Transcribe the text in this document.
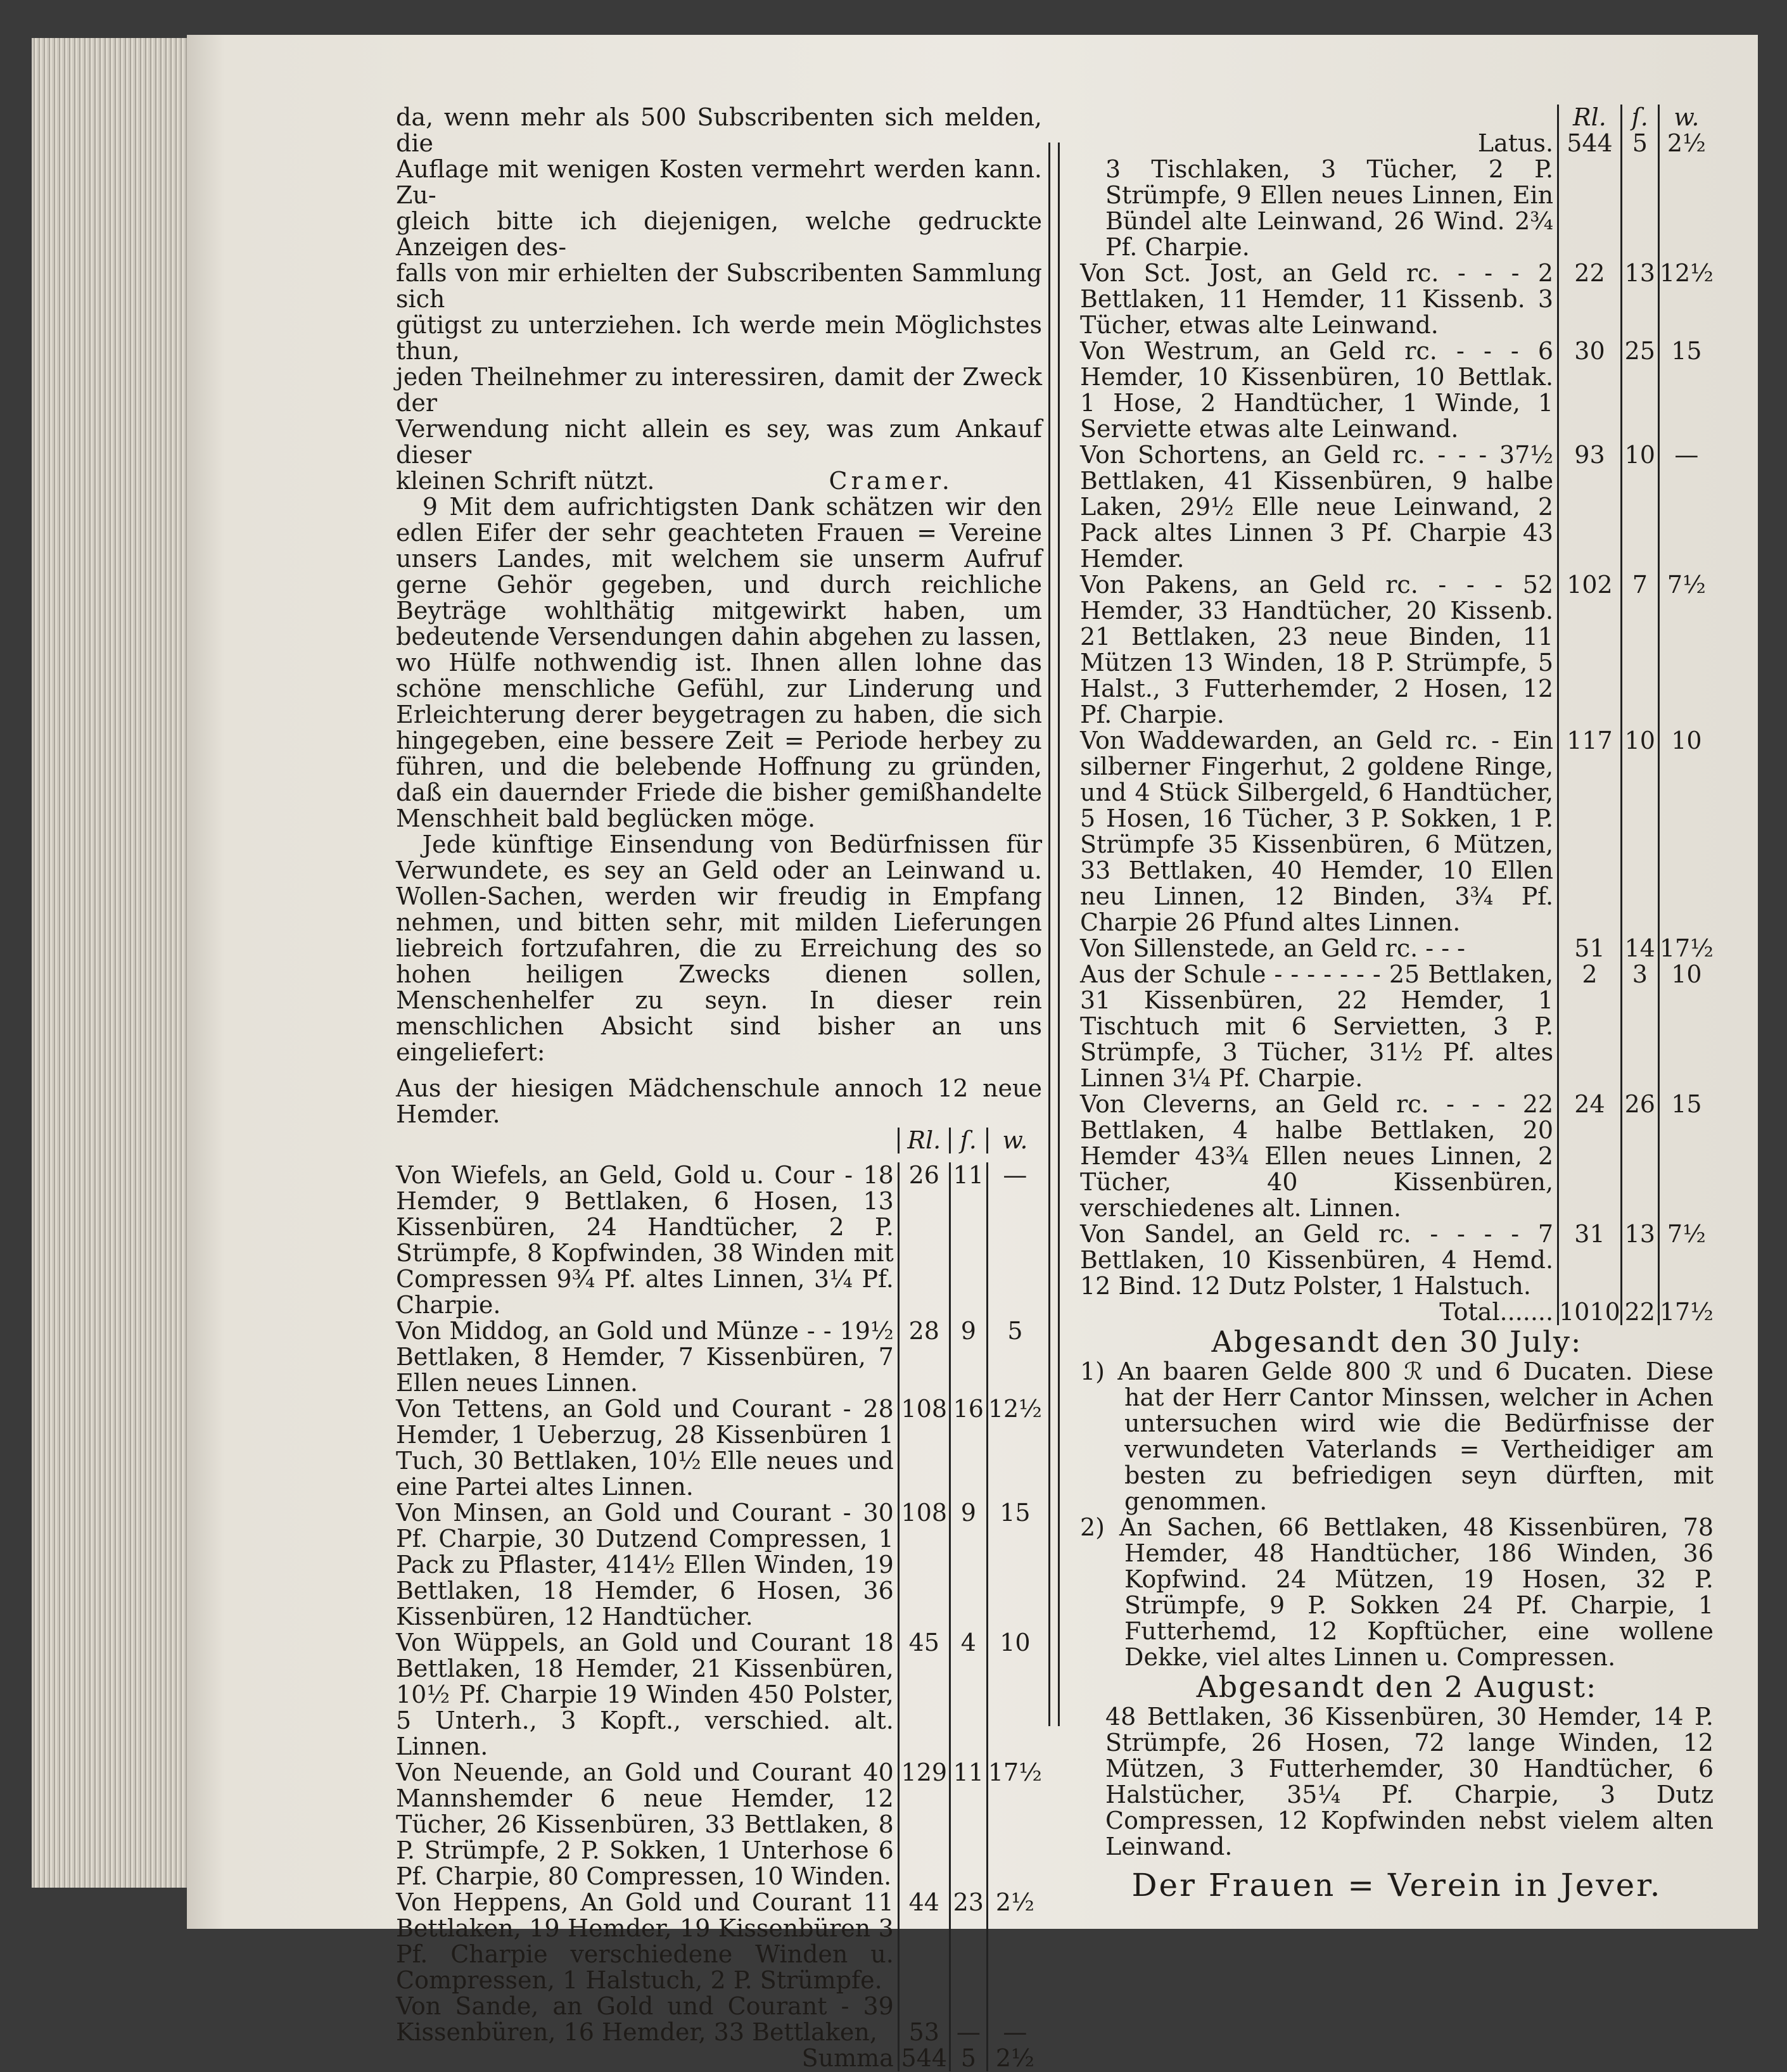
da, wenn mehr als 500 Subscribenten sich melden, die
Auflage mit wenigen Kosten vermehrt werden kann. Zu-
gleich bitte ich diejenigen, welche gedruckte Anzeigen des-
falls von mir erhielten der Subscribenten Sammlung sich
gütigst zu unterziehen. Ich werde mein Möglichstes thun,
jeden Theilnehmer zu interessiren, damit der Zweck der
Verwendung nicht allein es sey, was zum Ankauf dieser
kleinen Schrift nützt.	Cramer.

9 Mit dem aufrichtigsten Dank schätzen wir den edlen Eifer der sehr geachteten Frauen = Vereine unsers Landes, mit welchem sie unserm Aufruf gerne Gehör gegeben, und durch reichliche Beyträge wohlthätig mitgewirkt haben, um bedeutende Versendungen dahin abgehen zu lassen, wo Hülfe nothwendig ist. Ihnen allen lohne das schöne menschliche Gefühl, zur Linderung und Erleichterung derer beygetragen zu haben, die sich hingegeben, eine bessere Zeit = Periode herbey zu führen, und die belebende Hoffnung zu gründen, daß ein dauernder Friede die bisher gemißhandelte Menschheit bald beglücken möge.

Jede künftige Einsendung von Bedürfnissen für Verwundete, es sey an Geld oder an Leinwand u. Wollen-Sachen, werden wir freudig in Empfang nehmen, und bitten sehr, mit milden Lieferungen liebreich fortzufahren, die zu Erreichung des so hohen heiligen Zwecks dienen sollen, Menschenhelfer zu seyn. In dieser rein menschlichen Absicht sind bisher an uns eingeliefert:

Aus der hiesigen Mädchenschule annoch 12 neue Hemder.

	Rl.	ſ.	w.

Von Wiefels, an Geld, Gold u. Cour - 18 Hemder, 9 Bettlaken, 6 Hosen, 13 Kissenbüren, 24 Handtücher, 2 P. Strümpfe, 8 Kopfwinden, 38 Winden mit Compressen 9¾ Pf. altes Linnen, 3¼ Pf. Charpie.	26	11	—
Von Middog, an Gold und Münze - - 19½ Bettlaken, 8 Hemder, 7 Kissenbüren, 7 Ellen neues Linnen.	28	9	5
Von Tettens, an Gold und Courant - 28 Hemder, 1 Ueberzug, 28 Kissenbüren 1 Tuch, 30 Bettlaken, 10½ Elle neues und eine Partei altes Linnen.	108	16	12½
Von Minsen, an Gold und Courant - 30 Pf. Charpie, 30 Dutzend Compressen, 1 Pack zu Pflaster, 414½ Ellen Winden, 19 Bettlaken, 18 Hemder, 6 Hosen, 36 Kissenbüren, 12 Handtücher.	108	9	15
Von Wüppels, an Gold und Courant 18 Bettlaken, 18 Hemder, 21 Kissenbüren, 10½ Pf. Charpie 19 Winden 450 Polster, 5 Unterh., 3 Kopft., verschied. alt. Linnen.	45	4	10
Von Neuende, an Gold und Courant 40 Mannshemder 6 neue Hemder, 12 Tücher, 26 Kissenbüren, 33 Bettlaken, 8 P. Strümpfe, 2 P. Sokken, 1 Unterhose 6 Pf. Charpie, 80 Compressen, 10 Winden.	129	11	17½
Von Heppens, An Gold und Courant 11 Bettlaken, 19 Hemder, 19 Kissenbüren 3 Pf. Charpie verschiedene Winden u. Compressen, 1 Halstuch, 2 P. Strümpfe.	44	23	2½
Von Sande, an Gold und Courant - 39 Kissenbüren, 16 Hemder, 33 Bettlaken,	53	—	—
Summa	544	5	2½
	Rl.	ſ.	w.
Latus.	544	5	2½
3 Tischlaken, 3 Tücher, 2 P. Strümpfe, 9 Ellen neues Linnen, Ein Bündel alte Leinwand, 26 Wind. 2¾ Pf. Charpie.			
Von Sct. Jost, an Geld rc. - - - 2 Bettlaken, 11 Hemder, 11 Kissenb. 3 Tücher, etwas alte Leinwand.	22	13	12½
Von Westrum, an Geld rc. - - - 6 Hemder, 10 Kissenbüren, 10 Bettlak. 1 Hose, 2 Handtücher, 1 Winde, 1 Serviette etwas alte Leinwand.	30	25	15
Von Schortens, an Geld rc. - - - 37½ Bettlaken, 41 Kissenbüren, 9 halbe Laken, 29½ Elle neue Leinwand, 2 Pack altes Linnen 3 Pf. Charpie 43 Hemder.	93	10	—
Von Pakens, an Geld rc. - - - 52 Hemder, 33 Handtücher, 20 Kissenb. 21 Bettlaken, 23 neue Binden, 11 Mützen 13 Winden, 18 P. Strümpfe, 5 Halst., 3 Futterhemder, 2 Hosen, 12 Pf. Charpie.	102	7	7½
Von Waddewarden, an Geld rc. - Ein silberner Fingerhut, 2 goldene Ringe, und 4 Stück Silbergeld, 6 Handtücher, 5 Hosen, 16 Tücher, 3 P. Sokken, 1 P. Strümpfe 35 Kissenbüren, 6 Mützen, 33 Bettlaken, 40 Hemder, 10 Ellen neu Linnen, 12 Binden, 3¾ Pf. Charpie 26 Pfund altes Linnen.	117	10	10
Von Sillenstede, an Geld rc. - - -	51	14	17½
Aus der Schule - - - - - - - 25 Bettlaken, 31 Kissenbüren, 22 Hemder, 1 Tischtuch mit 6 Servietten, 3 P. Strümpfe, 3 Tücher, 31½ Pf. altes Linnen 3¼ Pf. Charpie.	2	3	10
Von Cleverns, an Geld rc. - - - 22 Bettlaken, 4 halbe Bettlaken, 20 Hemder 43¾ Ellen neues Linnen, 2 Tücher, 40 Kissenbüren, verschiedenes alt. Linnen.	24	26	15
Von Sandel, an Geld rc. - - - - 7 Bettlaken, 10 Kissenbüren, 4 Hemd. 12 Bind. 12 Dutz Polster, 1 Halstuch.	31	13	7½
Total.......	1010	22	17½
Abgesandt den 30 July:

1) An baaren Gelde 800 ℛ und 6 Ducaten. Diese hat der Herr Cantor Minssen, welcher in Achen untersuchen wird wie die Bedürfnisse der verwundeten Vaterlands = Vertheidiger am besten zu befriedigen seyn dürften, mit genommen.

2) An Sachen, 66 Bettlaken, 48 Kissenbüren, 78 Hemder, 48 Handtücher, 186 Winden, 36 Kopfwind. 24 Mützen, 19 Hosen, 32 P. Strümpfe, 9 P. Sokken 24 Pf. Charpie, 1 Futterhemd, 12 Kopftücher, eine wollene Dekke, viel altes Linnen u. Compressen.

Abgesandt den 2 August:

48 Bettlaken, 36 Kissenbüren, 30 Hemder, 14 P. Strümpfe, 26 Hosen, 72 lange Winden, 12 Mützen, 3 Futterhemder, 30 Handtücher, 6 Halstücher, 35¼ Pf. Charpie, 3 Dutz Compressen, 12 Kopfwinden nebst vielem alten Leinwand.

Der Frauen = Verein in Jever.
